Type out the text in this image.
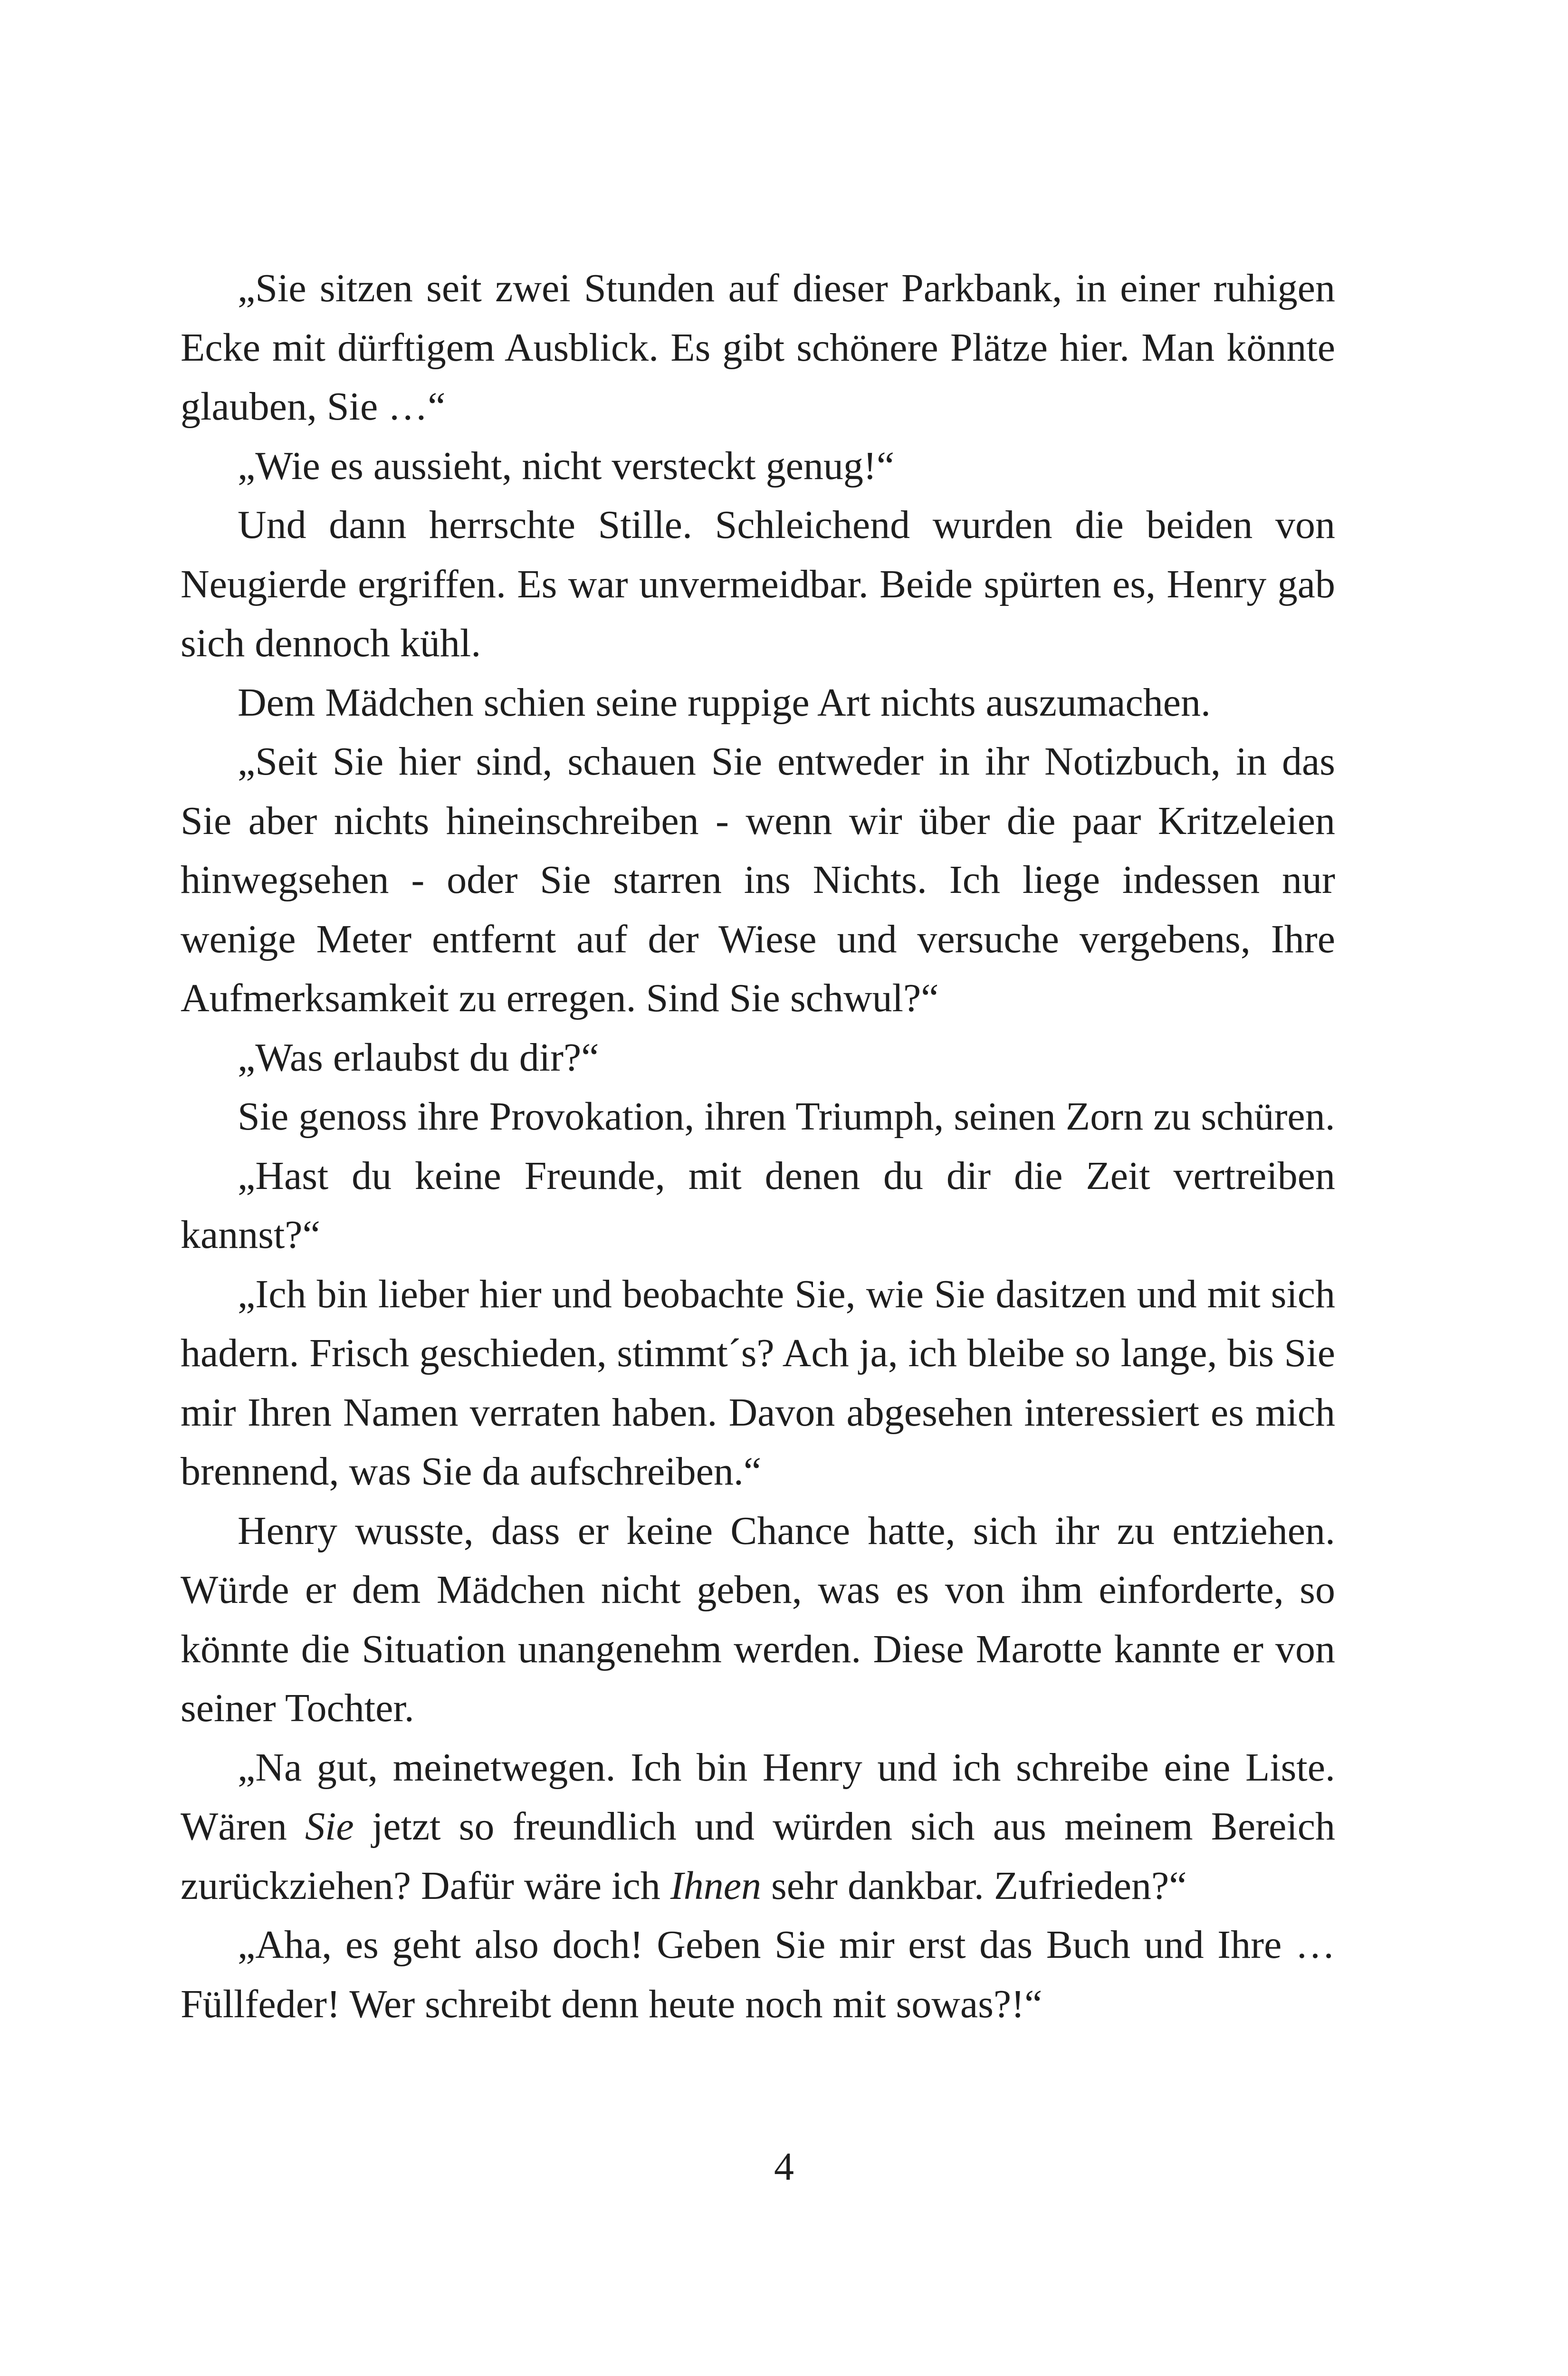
„Sie sitzen seit zwei Stunden auf dieser Parkbank, in einer ruhigen Ecke mit dürftigem Ausblick. Es gibt schönere Plätze hier. Man könnte glauben, Sie …“

„Wie es aussieht, nicht versteckt genug!“

Und dann herrschte Stille. Schleichend wurden die beiden von Neugierde ergriffen. Es war unvermeidbar. Beide spürten es, Henry gab sich dennoch kühl.

Dem Mädchen schien seine ruppige Art nichts auszumachen.

„Seit Sie hier sind, schauen Sie entweder in ihr Notizbuch, in das Sie aber nichts hineinschreiben - wenn wir über die paar Kritzeleien hinwegsehen - oder Sie starren ins Nichts. Ich liege indessen nur wenige Meter entfernt auf der Wiese und versuche vergebens, Ihre Aufmerksamkeit zu erregen. Sind Sie schwul?“

„Was erlaubst du dir?“

Sie genoss ihre Provokation, ihren Triumph, seinen Zorn zu schüren.

„Hast du keine Freunde, mit denen du dir die Zeit vertreiben kannst?“

„Ich bin lieber hier und beobachte Sie, wie Sie dasitzen und mit sich hadern. Frisch geschieden, stimmt´s? Ach ja, ich bleibe so lange, bis Sie mir Ihren Namen verraten haben. Davon abgesehen interessiert es mich brennend, was Sie da aufschreiben.“

Henry wusste, dass er keine Chance hatte, sich ihr zu entziehen. Würde er dem Mädchen nicht geben, was es von ihm einforderte, so könnte die Situation unangenehm werden. Diese Marotte kannte er von seiner Tochter.

„Na gut, meinetwegen. Ich bin Henry und ich schreibe eine Liste. Wären Sie jetzt so freundlich und würden sich aus meinem Bereich zurückziehen? Dafür wäre ich Ihnen sehr dankbar. Zufrieden?“

„Aha, es geht also doch! Geben Sie mir erst das Buch und Ihre … Füllfeder! Wer schreibt denn heute noch mit sowas?!“

4
